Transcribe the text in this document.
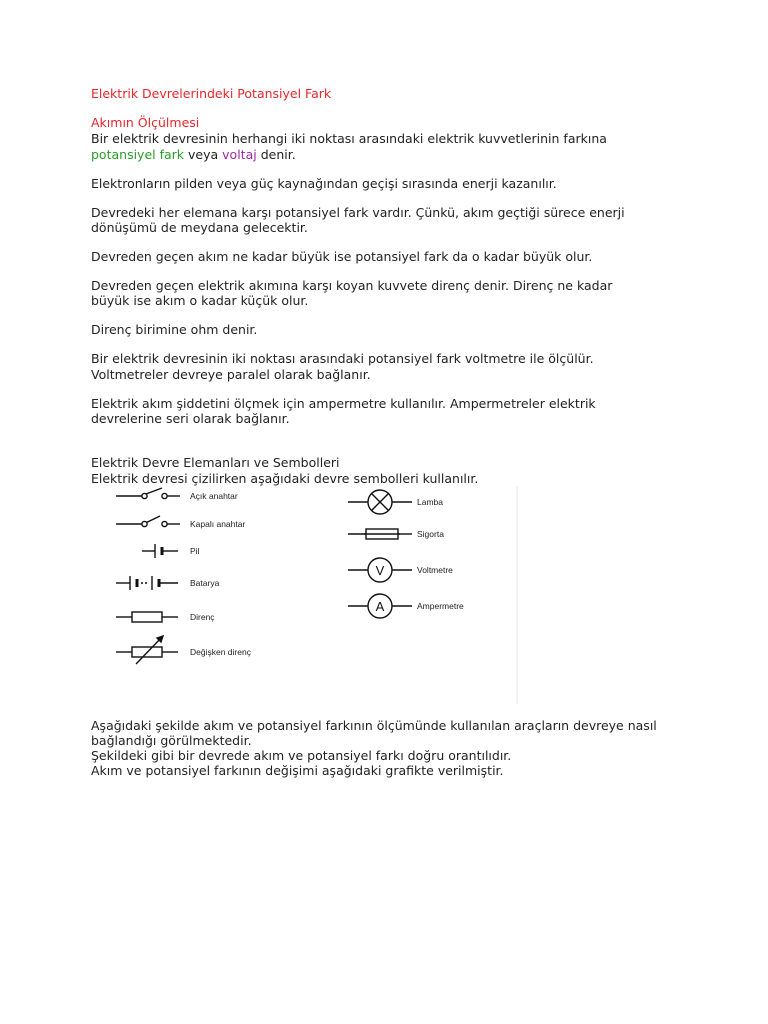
Elektrik Devrelerindeki Potansiyel Fark
Akımın Ölçülmesi
Bir elektrik devresinin herhangi iki noktası arasındaki elektrik kuvvetlerinin farkına
potansiyel fark veya voltaj denir.
Elektronların pilden veya güç kaynağından geçişi sırasında enerji kazanılır.
Devredeki her elemana karşı potansiyel fark vardır. Çünkü, akım geçtiği sürece enerji
dönüşümü de meydana gelecektir.
Devreden geçen akım ne kadar büyük ise potansiyel fark da o kadar büyük olur.
Devreden geçen elektrik akımına karşı koyan kuvvete direnç denir. Direnç ne kadar
büyük ise akım o kadar küçük olur.
Direnç birimine ohm denir.
Bir elektrik devresinin iki noktası arasındaki potansiyel fark voltmetre ile ölçülür.
Voltmetreler devreye paralel olarak bağlanır.
Elektrik akım şiddetini ölçmek için ampermetre kullanılır. Ampermetreler elektrik
devrelerine seri olarak bağlanır.
Elektrik Devre Elemanları ve Sembolleri
Elektrik devresi çizilirken aşağıdaki devre sembolleri kullanılır.
Açık anahtar
Kapalı anahtar
Pil
Batarya
Direnç
Değişken direnç
Lamba
Sigorta
V	Voltmetre
A	Ampermetre
Aşağıdaki şekilde akım ve potansiyel farkının ölçümünde kullanılan araçların devreye nasıl
bağlandığı görülmektedir.
Şekildeki gibi bir devrede akım ve potansiyel farkı doğru orantılıdır.
Akım ve potansiyel farkının değişimi aşağıdaki grafikte verilmiştir.
